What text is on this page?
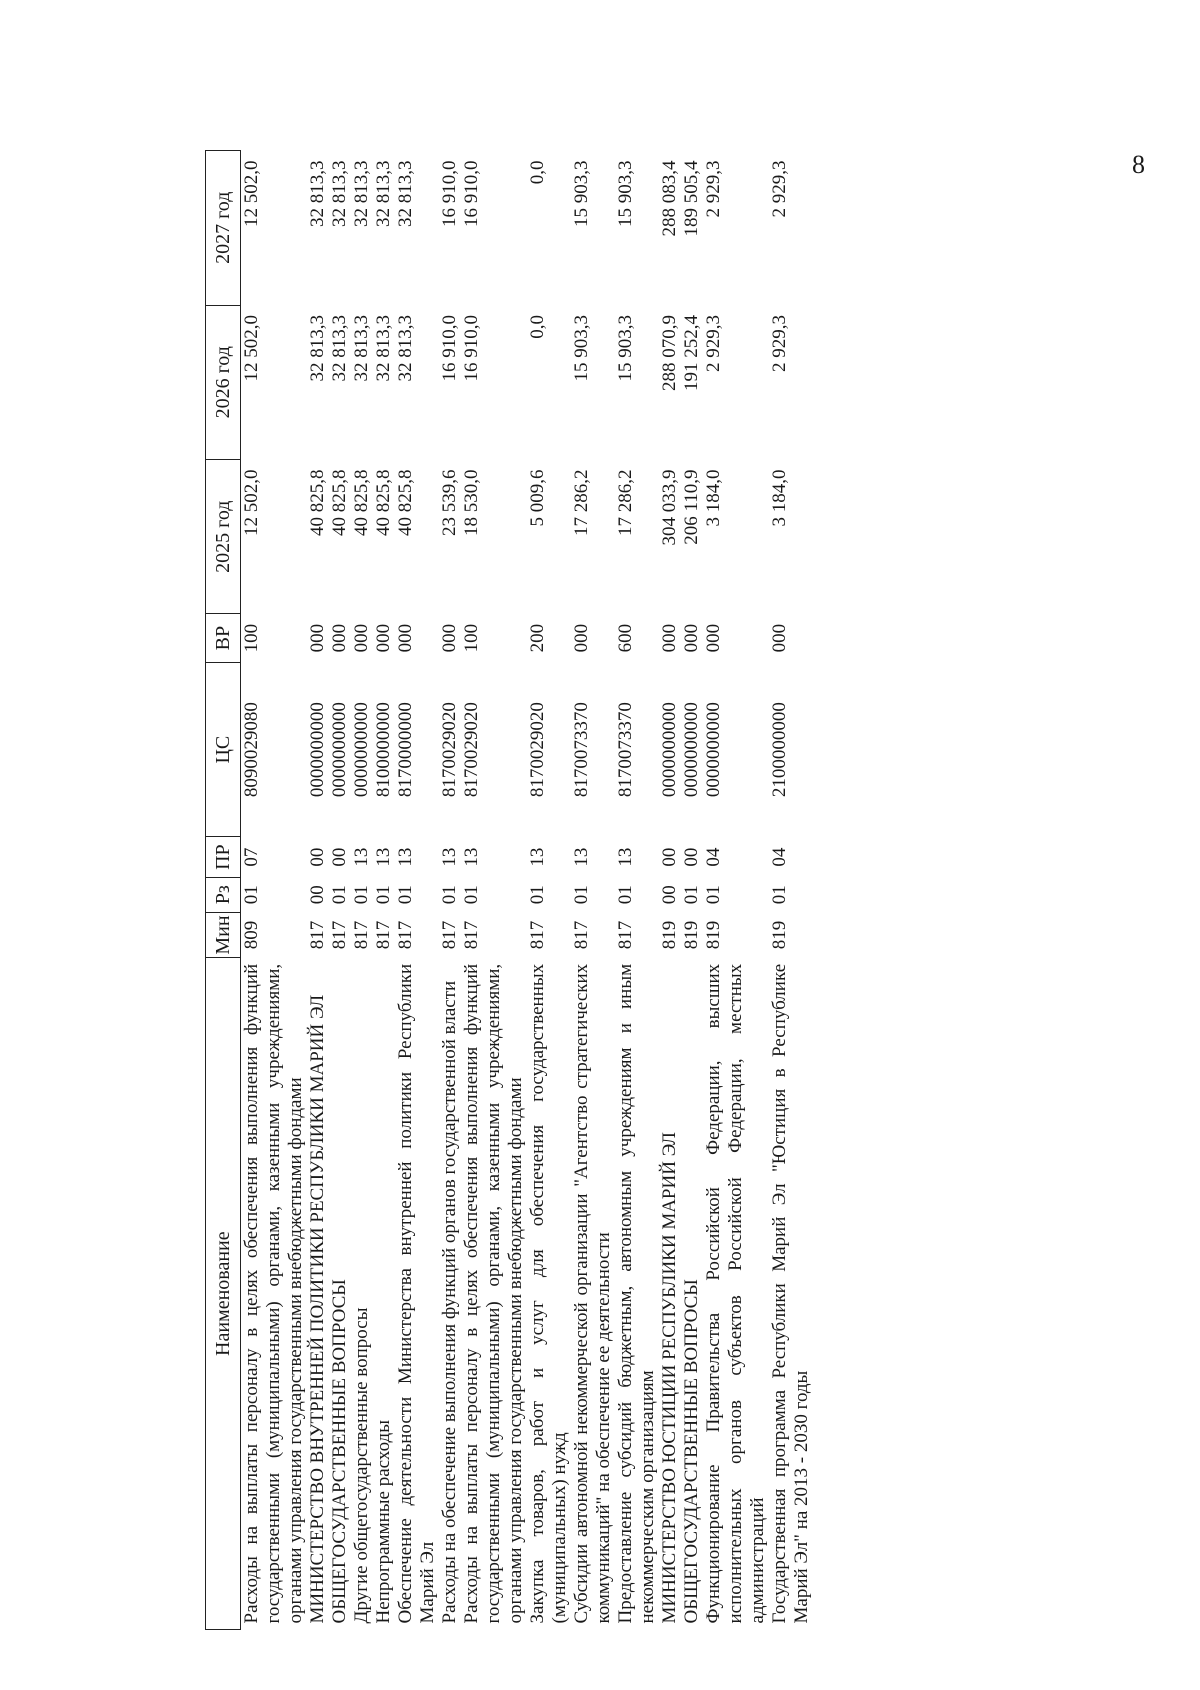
8
Наименование	Мин	Рз	ПР	ЦС	ВР	2025 год	2026 год	2027 год
Расходы на выплаты персоналу в целях обеспечения выполнения функций государственными (муниципальными) органами, казенными учреждениями, органами управления государственными внебюджетными фондами	809	01	07	8090029080	100	12 502,0	12 502,0	12 502,0
МИНИСТЕРСТВО ВНУТРЕННЕЙ ПОЛИТИКИ РЕСПУБЛИКИ МАРИЙ ЭЛ	817	00	00	0000000000	000	40 825,8	32 813,3	32 813,3
ОБЩЕГОСУДАРСТВЕННЫЕ ВОПРОСЫ	817	01	00	0000000000	000	40 825,8	32 813,3	32 813,3
Другие общегосударственные вопросы	817	01	13	0000000000	000	40 825,8	32 813,3	32 813,3
Непрограммные расходы	817	01	13	8100000000	000	40 825,8	32 813,3	32 813,3
Обеспечение деятельности Министерства внутренней политики Республики Марий Эл	817	01	13	8170000000	000	40 825,8	32 813,3	32 813,3
Расходы на обеспечение выполнения функций органов государственной власти	817	01	13	8170029020	000	23 539,6	16 910,0	16 910,0
Расходы на выплаты персоналу в целях обеспечения выполнения функций государственными (муниципальными) органами, казенными учреждениями, органами управления государственными внебюджетными фондами	817	01	13	8170029020	100	18 530,0	16 910,0	16 910,0
Закупка товаров, работ и услуг для обеспечения государственных (муниципальных) нужд	817	01	13	8170029020	200	5 009,6	0,0	0,0
Субсидии автономной некоммерческой организации "Агентство стратегических коммуникаций" на обеспечение ее деятельности	817	01	13	8170073370	000	17 286,2	15 903,3	15 903,3
Предоставление субсидий бюджетным, автономным учреждениям и иным некоммерческим организациям	817	01	13	8170073370	600	17 286,2	15 903,3	15 903,3
МИНИСТЕРСТВО ЮСТИЦИИ РЕСПУБЛИКИ МАРИЙ ЭЛ	819	00	00	0000000000	000	304 033,9	288 070,9	288 083,4
ОБЩЕГОСУДАРСТВЕННЫЕ ВОПРОСЫ	819	01	00	0000000000	000	206 110,9	191 252,4	189 505,4
Функционирование Правительства Российской Федерации, высших исполнительных органов субъектов Российской Федерации, местных администраций	819	01	04	0000000000	000	3 184,0	2 929,3	2 929,3
Государственная программа Республики Марий Эл "Юстиция в Республике Марий Эл" на 2013 - 2030 годы	819	01	04	2100000000	000	3 184,0	2 929,3	2 929,3
